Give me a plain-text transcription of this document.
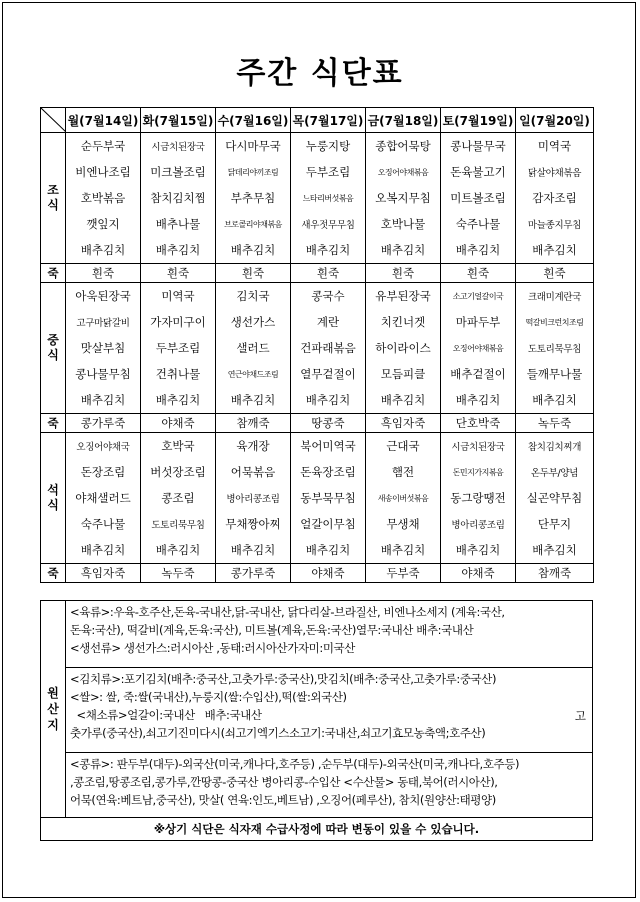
주간 식단표
	월(7월14일)	화(7월15일)	수(7월16일)	목(7월17일)	금(7월18일)	토(7월19일)	일(7월20일)
조
식	순두부국	시금치된장국	다시마무국	누룽지탕	종합어묵탕	콩나물무국	미역국
	비엔나조림	미크볼조림	닭데리야끼조림	두부조림	오징어야채볶음	돈육불고기	닭살야채볶음
	호박볶음	참치김치찜	부추무침	느타리버섯볶음	오복지무침	미트볼조림	감자조림
	깻잎지	배추나물	브로콜리야채볶음	새우젓무무침	호박나물	숙주나물	마늘종지무침
	배추김치	배추김치	배추김치	배추김치	배추김치	배추김치	배추김치
죽	흰죽	흰죽	흰죽	흰죽	흰죽	흰죽	흰죽
중
식	아욱된장국	미역국	김치국	콩국수	유부된장국	소고기얼갈이국	크래미계란국
	고구마닭갈비	가자미구이	생선가스	계란	치킨너겟	마파두부	떡갈비크런치조림
	맛살부침	두부조림	샐러드	건파래볶음	하이라이스	오징어야채볶음	도토리묵무침
	콩나물무침	건취나물	연근야채드조림	열무겉절이	모듬피클	배추겉절이	들깨무나물
	배추김치	배추김치	배추김치	배추김치	배추김치	배추김치	배추김치
죽	콩가루죽	야채죽	참깨죽	땅콩죽	흑임자죽	단호박죽	녹두죽
석
식	오징어야채국	호박국	육개장	북어미역국	근대국	시금치된장국	참치김치찌개
	돈장조림	버섯장조림	어묵볶음	돈육장조림	햄전	돈민지가지볶음	온두부/양념
	야채샐러드	콩조림	병아리콩조림	동부묵무침	새송이버섯볶음	동그랑땡전	실곤약무침
	숙주나물	도토리묵무침	무채짱아찌	얼갈이무침	무생채	병아리콩조림	단무지
	배추김치	배추김치	배추김치	배추김치	배추김치	배추김치	배추김치
죽	흑임자죽	녹두죽	콩가루죽	야채죽	두부죽	야채죽	참깨죽
원
산
지	
<육류>:우육-호주산,돈육-국내산,닭-국내산, 닭다리살-브라질산, 비엔나소세지 (계육:국산,
돈육:국산), 떡갈비(계육,돈육:국산), 미트볼(계육,돈육:국산)열무:국내산 배추:국내산
<생선류> 생선가스:러시아산 ,동태:러시아산가자미:미국산

<김치류>:포기김치(배추:중국산,고춧가루:중국산),맛김치(배추:중국산,고춧가루:중국산)
<쌀>: 쌀, 죽:쌀(국내산),누룽지(쌀:수입산),떡(쌀:외국산)
<채소류>얼갈이:국내산   배추:국내산
춧가루(중국산),쇠고기진미다시(쇠고기엑기스소고기:국내산,쇠고기효모농축액;호주산)
고

<콩류>: 판두부(대두)-외국산(미국,캐나다,호주등) ,순두부(대두)-외국산(미국,캐나다,호주등)
,콩조림,땅콩조림,콩가루,깐땅콩-중국산 병아리콩-수입산 <수산물> 동태,북어(러시아산),
어묵(연육:베트남,중국산), 맛살( 연육:인도,베트남) ,오징어(페루산), 참치(원양산:태평양)

※상기 식단은 식자재 수급사정에 따라 변동이 있을 수 있습니다.
